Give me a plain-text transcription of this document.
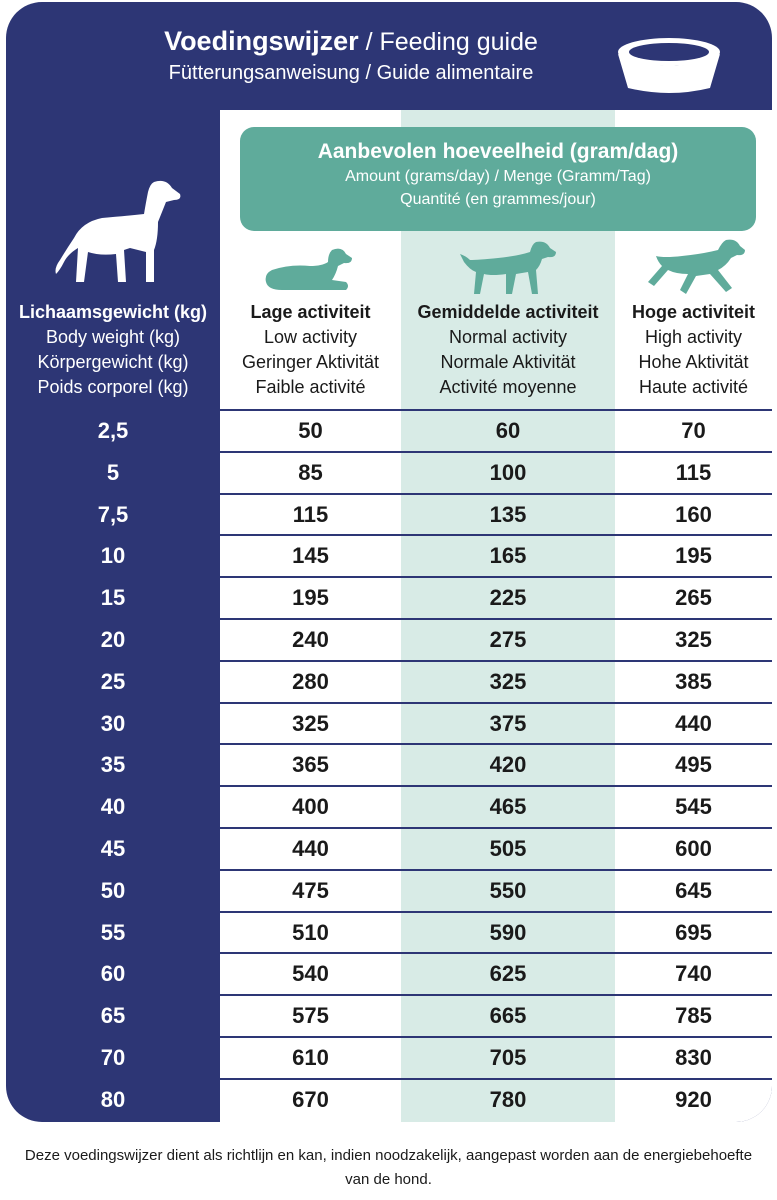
Voedingswijzer / Feeding guide
Fütterungsanweisung / Guide alimentaire
Lichaamsgewicht (kg)
Body weight (kg)
Körpergewicht (kg)
Poids corporel (kg)
Aanbevolen hoeveelheid (gram/dag)
Amount (grams/day) / Menge (Gramm/Tag)
Quantité (en grammes/jour)
Lage activiteit
Low activity
Geringer Aktivität
Faible activité
Gemiddelde activiteit
Normal activity
Normale Aktivität
Activité moyenne
Hoge activiteit
High activity
Hohe Aktivität
Haute activité
2,5	50	60	70
5	85	100	115
7,5	115	135	160
10	145	165	195
15	195	225	265
20	240	275	325
25	280	325	385
30	325	375	440
35	365	420	495
40	400	465	545
45	440	505	600
50	475	550	645
55	510	590	695
60	540	625	740
65	575	665	785
70	610	705	830
80	670	780	920
Deze voedingswijzer dient als richtlijn en kan, indien noodzakelijk, aangepast worden aan de energiebehoefte van de hond.
